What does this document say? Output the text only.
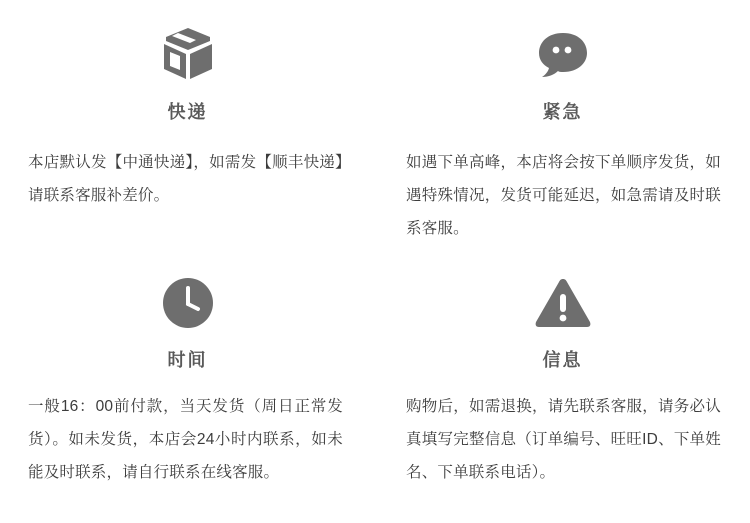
快递
本店默认发【中通快递】，如需发【顺丰快递】请联系客服补差价。
紧急
如遇下单高峰，本店将会按下单顺序发货，如遇特殊情况，发货可能延迟，如急需请及时联系客服。
时间
一般16：00前付款，当天发货（周日正常发货）。如未发货，本店会24小时内联系，如未能及时联系，请自行联系在线客服。
信息
购物后，如需退换，请先联系客服，请务必认真填写完整信息（订单编号、旺旺ID、下单姓名、下单联系电话）。
